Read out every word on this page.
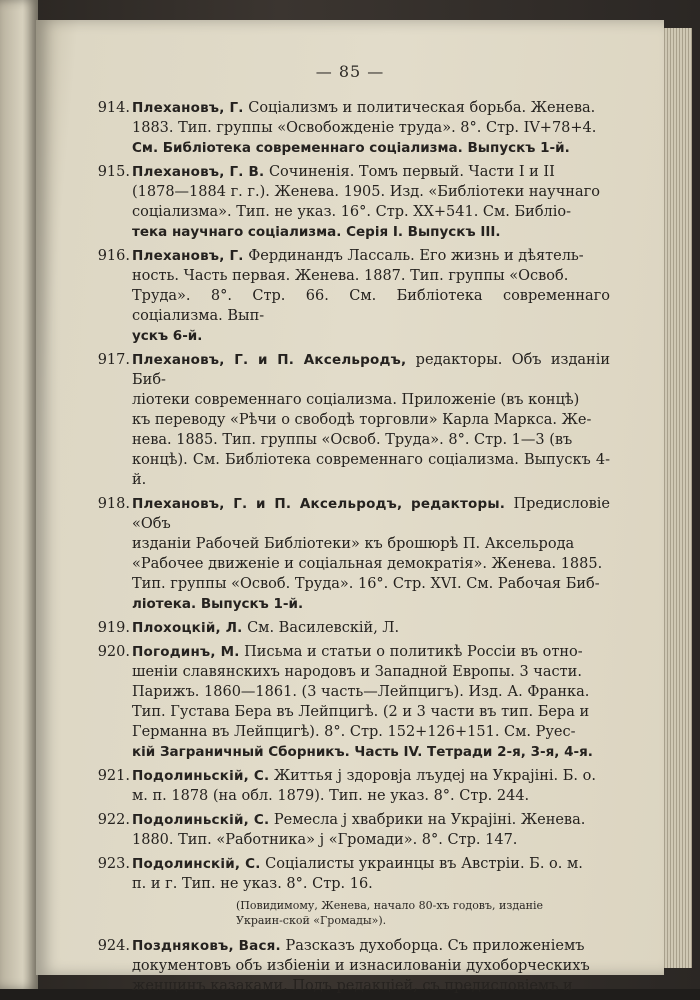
— 85 —
914. Плехановъ, Г. Соціализмъ и политическая борьба. Женева.
1883. Тип. группы «Освобожденіе труда». 8°. Стр. IV+78+4.
См. Библіотека современнаго соціализма. Выпускъ 1-й.
915. Плехановъ, Г. В. Сочиненія. Томъ первый. Части I и II
(1878—1884 г. г.). Женева. 1905. Изд. «Библіотеки научнаго
соціализма». Тип. не указ. 16°. Стр. XX+541. См. Библіо-
тека научнаго соціализма. Серія I. Выпускъ III.
916. Плехановъ, Г. Фердинандъ Лассаль. Его жизнь и дѣятель-
ность. Часть первая. Женева. 1887. Тип. группы «Освоб.
Труда». 8°. Стр. 66. См. Библіотека современнаго соціализма. Вып-
ускъ 6-й.
917. Плехановъ, Г. и П. Аксельродъ, редакторы. Объ изданіи Биб-
ліотеки современнаго соціализма. Приложеніе (въ концѣ)
къ переводу «Рѣчи о свободѣ торговли» Карла Маркса. Же-
нева. 1885. Тип. группы «Освоб. Труда». 8°. Стр. 1—3 (въ
концѣ). См. Библіотека современнаго соціализма. Выпускъ 4-й.
918. Плехановъ, Г. и П. Аксельродъ, редакторы. Предисловіе «Объ
изданіи Рабочей Библіотеки» къ брошюрѣ П. Аксельрода
«Рабочее движеніе и соціальная демократія». Женева. 1885.
Тип. группы «Освоб. Труда». 16°. Стр. XVI. См. Рабочая Биб-
ліотека. Выпускъ 1-й.
919. Плохоцкій, Л. См. Василевскій, Л.
920. Погодинъ, М. Письма и статьи о политикѣ Россіи въ отно-
шеніи славянскихъ народовъ и Западной Европы. 3 части.
Парижъ. 1860—1861. (3 часть—Лейпцигъ). Изд. А. Франка.
Тип. Густава Бера въ Лейпцигѣ. (2 и 3 части въ тип. Бера и
Германна въ Лейпцигѣ). 8°. Стр. 152+126+151. См. Руес-
кій Заграничный Сборникъ. Часть IV. Тетради 2-я, 3-я, 4-я.
921. Подолиньскій, С. Життья j здоровја лъудеј на Украјіні. Б. о.
м. п. 1878 (на обл. 1879). Тип. не указ. 8°. Стр. 244.
922. Подолиньскій, С. Ремесла j хвабрики на Украјіні. Женева.
1880. Тип. «Работника» j «Громади». 8°. Стр. 147.
923. Подолинскій, С. Соціалисты украинцы въ Австріи. Б. о. м.
п. и г. Тип. не указ. 8°. Стр. 16.
(Повидимому, Женева, начало 80-хъ годовъ, изданіе Украин-ской «Громады»).
924. Поздняковъ, Вася. Разсказъ духоборца. Съ приложеніемъ
документовъ объ избіеніи и изнасилованіи духоборческихъ
женщинъ казаками. Подъ редакціей, съ предисловіемъ и
